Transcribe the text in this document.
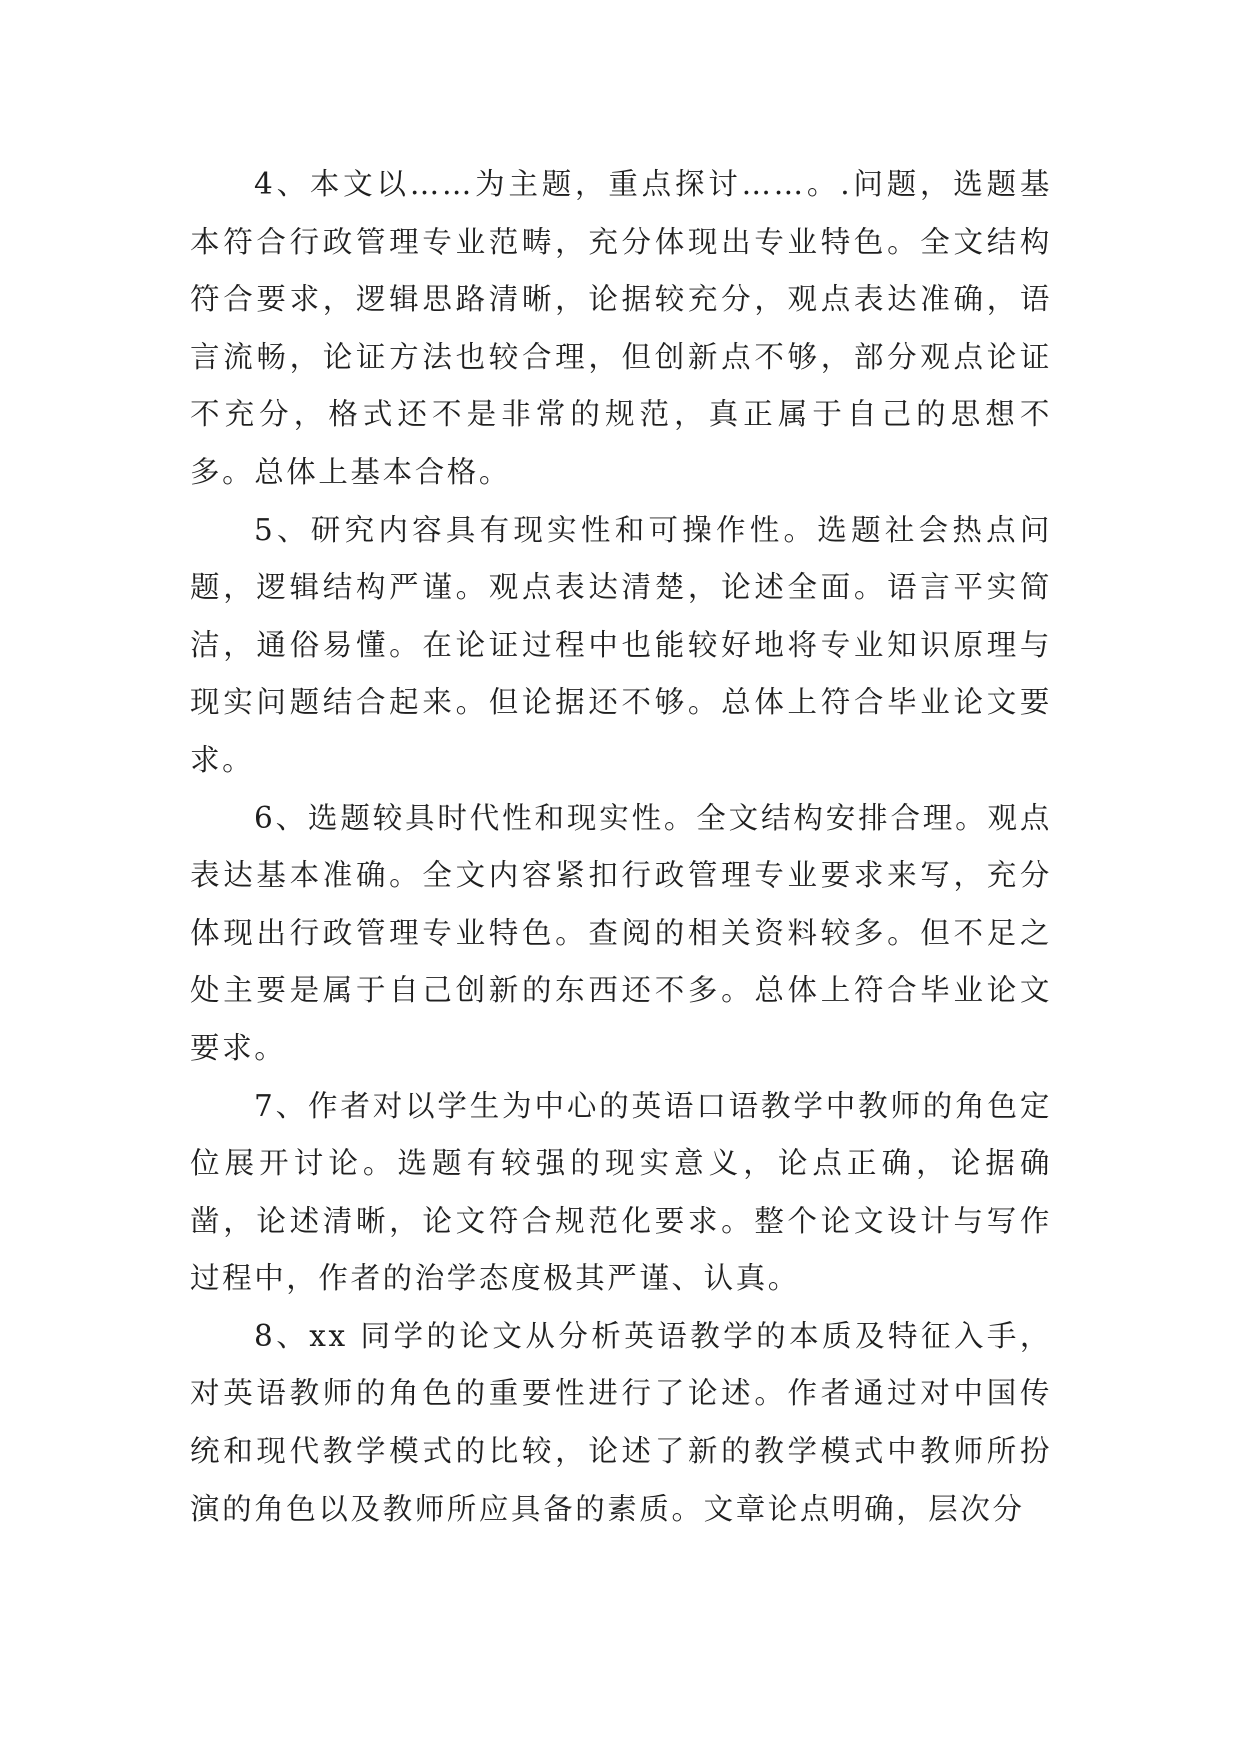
4、本文以……为主题，重点探讨……。.问题，选题基本符合行政管理专业范畴，充分体现出专业特色。全文结构符合要求，逻辑思路清晰，论据较充分，观点表达准确，语言流畅，论证方法也较合理，但创新点不够，部分观点论证不充分，格式还不是非常的规范，真正属于自己的思想不多。总体上基本合格。

5、研究内容具有现实性和可操作性。选题社会热点问题，逻辑结构严谨。观点表达清楚，论述全面。语言平实简洁，通俗易懂。在论证过程中也能较好地将专业知识原理与现实问题结合起来。但论据还不够。总体上符合毕业论文要求。

6、选题较具时代性和现实性。全文结构安排合理。观点表达基本准确。全文内容紧扣行政管理专业要求来写，充分体现出行政管理专业特色。查阅的相关资料较多。但不足之处主要是属于自己创新的东西还不多。总体上符合毕业论文要求。

7、作者对以学生为中心的英语口语教学中教师的角色定位展开讨论。选题有较强的现实意义，论点正确，论据确凿，论述清晰，论文符合规范化要求。整个论文设计与写作过程中，作者的治学态度极其严谨、认真。

8、xx 同学的论文从分析英语教学的本质及特征入手，对英语教师的角色的重要性进行了论述。作者通过对中国传统和现代教学模式的比较，论述了新的教学模式中教师所扮演的角色以及教师所应具备的素质。文章论点明确，层次分
